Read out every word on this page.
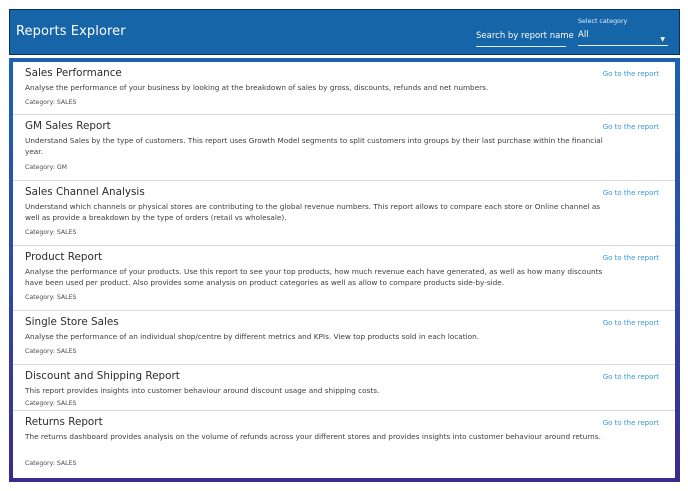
Reports Explorer	Search by report name
Select category
All	▼
Sales Performance
Analyse the performance of your business by looking at the breakdown of sales by gross, discounts, refunds and net numbers.
Category: SALES
Go to the report
GM Sales Report
Understand Sales by the type of customers. This report uses Growth Model segments to split customers into groups by their last purchase within the financial year.
Category: GM
Go to the report
Sales Channel Analysis
Understand which channels or physical stores are contributing to the global revenue numbers. This report allows to compare each store or Online channel as well as provide a breakdown by the type of orders (retail vs wholesale).
Category: SALES
Go to the report
Product Report
Analyse the performance of your products. Use this report to see your top products, how much revenue each have generated, as well as how many discounts have been used per product. Also provides some analysis on product categories as well as allow to compare products side-by-side.
Category: SALES
Go to the report
Single Store Sales
Analyse the performance of an individual shop/centre by different metrics and KPIs. View top products sold in each location.
Category: SALES
Go to the report
Discount and Shipping Report
This report provides insights into customer behaviour around discount usage and shipping costs.
Category: SALES
Go to the report
Returns Report
The returns dashboard provides analysis on the volume of refunds across your different stores and provides insights into customer behaviour around returns.
Category: SALES
Go to the report
